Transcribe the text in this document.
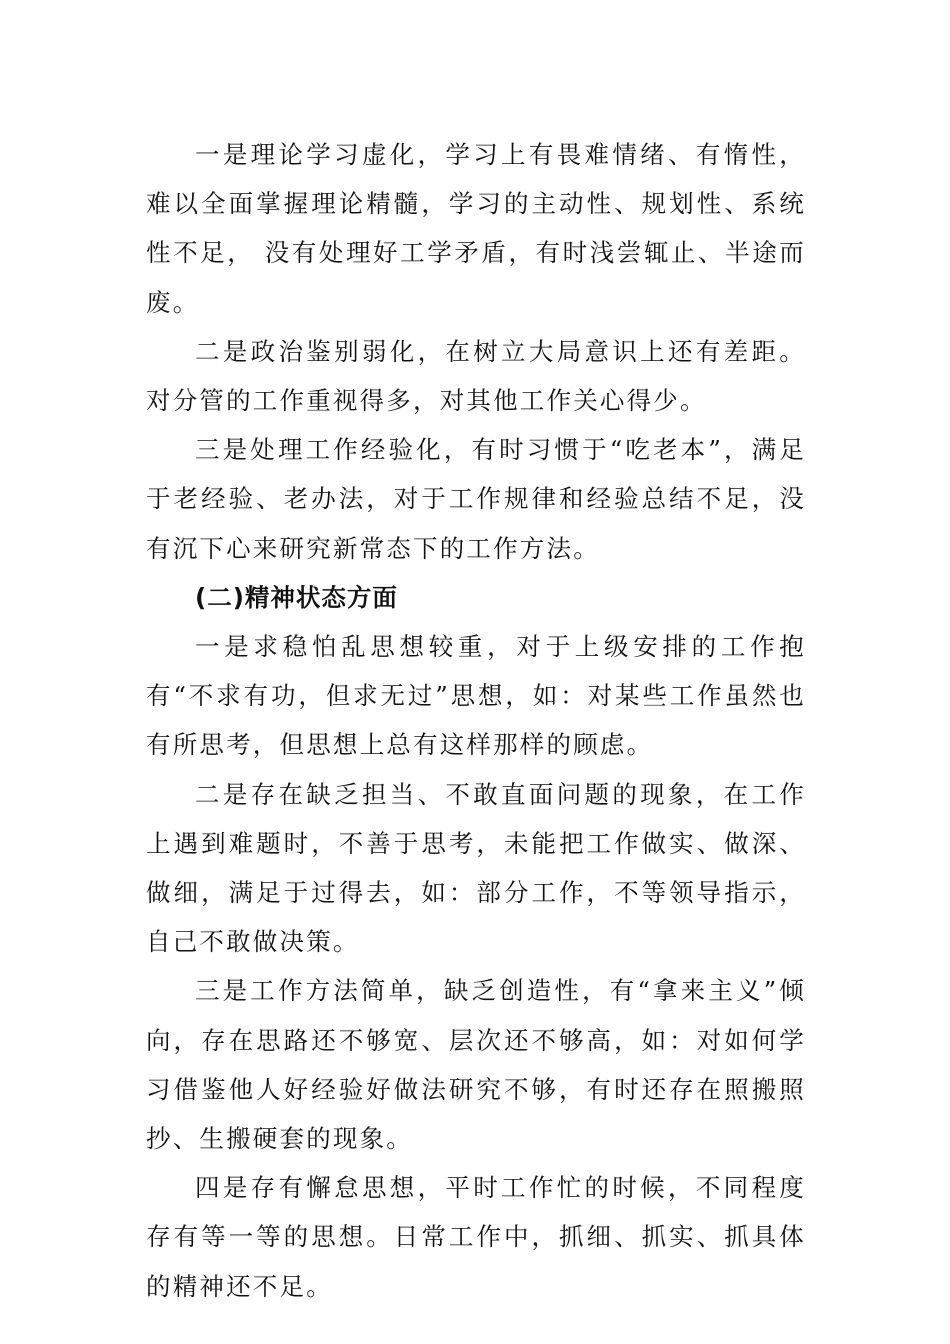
一是理论学习虚化，学习上有畏难情绪、有惰性，难以全面掌握理论精髓，学习的主动性、规划性、系统性不足， 没有处理好工学矛盾，有时浅尝辄止、半途而废。

二是政治鉴别弱化，在树立大局意识上还有差距。对分管的工作重视得多，对其他工作关心得少。

三是处理工作经验化，有时习惯于“吃老本”，满足于老经验、老办法，对于工作规律和经验总结不足，没有沉下心来研究新常态下的工作方法。

(二)精神状态方面

一是求稳怕乱思想较重，对于上级安排的工作抱有“不求有功，但求无过”思想，如：对某些工作虽然也有所思考，但思想上总有这样那样的顾虑。

二是存在缺乏担当、不敢直面问题的现象，在工作上遇到难题时，不善于思考，未能把工作做实、做深、做细，满足于过得去，如：部分工作，不等领导指示，自己不敢做决策。

三是工作方法简单，缺乏创造性，有“拿来主义”倾向，存在思路还不够宽、层次还不够高，如：对如何学习借鉴他人好经验好做法研究不够，有时还存在照搬照抄、生搬硬套的现象。

四是存有懈怠思想，平时工作忙的时候，不同程度存有等一等的思想。日常工作中，抓细、抓实、抓具体的精神还不足。
